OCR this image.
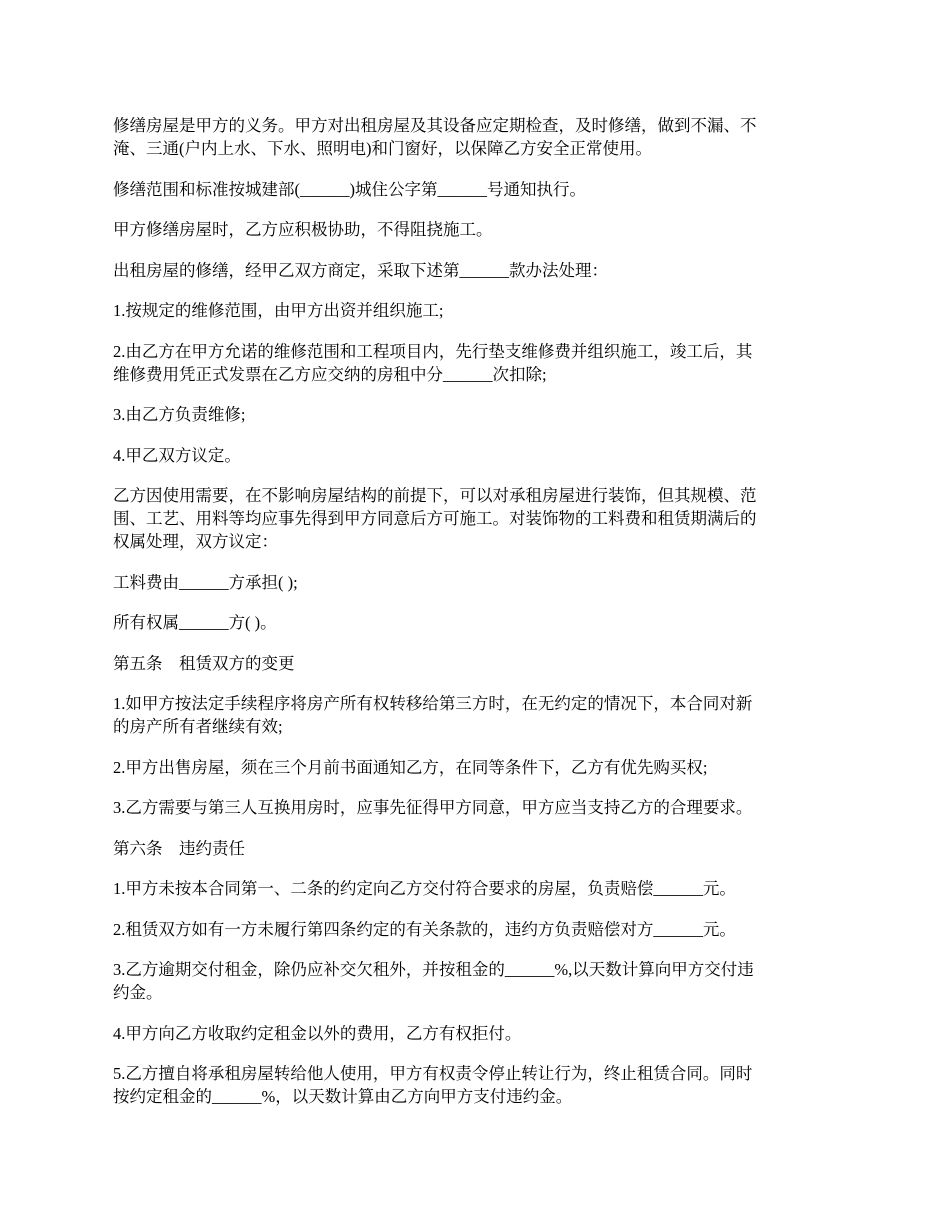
修缮房屋是甲方的义务。甲方对出租房屋及其设备应定期检查，及时修缮，做到不漏、不
淹、三通(户内上水、下水、照明电)和门窗好，以保障乙方安全正常使用。

修缮范围和标准按城建部(______)城住公字第______号通知执行。

甲方修缮房屋时，乙方应积极协助，不得阻挠施工。

出租房屋的修缮，经甲乙双方商定，采取下述第______款办法处理：

1.按规定的维修范围，由甲方出资并组织施工;

2.由乙方在甲方允诺的维修范围和工程项目内，先行垫支维修费并组织施工，竣工后，其
维修费用凭正式发票在乙方应交纳的房租中分______次扣除;

3.由乙方负责维修;

4.甲乙双方议定。

乙方因使用需要，在不影响房屋结构的前提下，可以对承租房屋进行装饰，但其规模、范
围、工艺、用料等均应事先得到甲方同意后方可施工。对装饰物的工料费和租赁期满后的
权属处理，双方议定：

工料费由______方承担( );

所有权属______方( )。

第五条　租赁双方的变更

1.如甲方按法定手续程序将房产所有权转移给第三方时，在无约定的情况下，本合同对新
的房产所有者继续有效;

2.甲方出售房屋，须在三个月前书面通知乙方，在同等条件下，乙方有优先购买权;

3.乙方需要与第三人互换用房时，应事先征得甲方同意，甲方应当支持乙方的合理要求。

第六条　违约责任

1.甲方未按本合同第一、二条的约定向乙方交付符合要求的房屋，负责赔偿______元。

2.租赁双方如有一方未履行第四条约定的有关条款的，违约方负责赔偿对方______元。

3.乙方逾期交付租金，除仍应补交欠租外，并按租金的______%,以天数计算向甲方交付违
约金。

4.甲方向乙方收取约定租金以外的费用，乙方有权拒付。

5.乙方擅自将承租房屋转给他人使用，甲方有权责令停止转让行为，终止租赁合同。同时
按约定租金的______%，以天数计算由乙方向甲方支付违约金。
